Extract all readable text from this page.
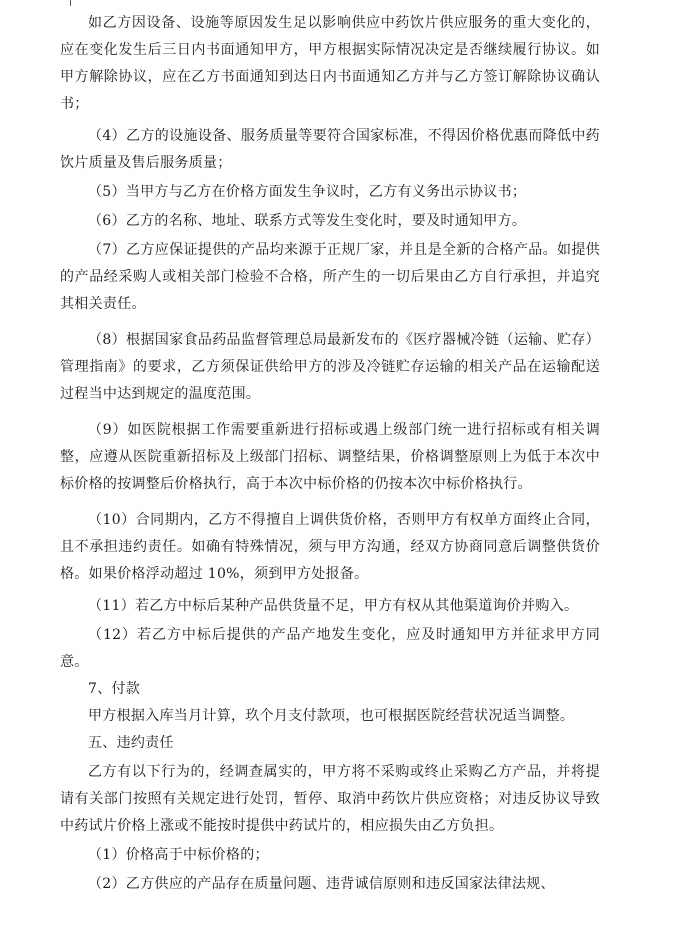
如乙方因设备、设施等原因发生足以影响供应中药饮片供应服务的重大变化的，应在变化发生后三日内书面通知甲方，甲方根据实际情况决定是否继续履行协议。如甲方解除协议，应在乙方书面通知到达日内书面通知乙方并与乙方签订解除协议确认书；

（4）乙方的设施设备、服务质量等要符合国家标准，不得因价格优惠而降低中药饮片质量及售后服务质量；

（5）当甲方与乙方在价格方面发生争议时，乙方有义务出示协议书；

（6）乙方的名称、地址、联系方式等发生变化时，要及时通知甲方。

（7）乙方应保证提供的产品均来源于正规厂家，并且是全新的合格产品。如提供的产品经采购人或相关部门检验不合格，所产生的一切后果由乙方自行承担，并追究其相关责任。

（8）根据国家食品药品监督管理总局最新发布的《医疗器械冷链（运输、贮存）管理指南》的要求，乙方须保证供给甲方的涉及冷链贮存运输的相关产品在运输配送过程当中达到规定的温度范围。

（9）如医院根据工作需要重新进行招标或遇上级部门统一进行招标或有相关调整，应遵从医院重新招标及上级部门招标、调整结果，价格调整原则上为低于本次中标价格的按调整后价格执行，高于本次中标价格的仍按本次中标价格执行。

（10）合同期内，乙方不得擅自上调供货价格，否则甲方有权单方面终止合同，且不承担违约责任。如确有特殊情况，须与甲方沟通，经双方协商同意后调整供货价格。如果价格浮动超过 10%，须到甲方处报备。

（11）若乙方中标后某种产品供货量不足，甲方有权从其他渠道询价并购入。

（12）若乙方中标后提供的产品产地发生变化，应及时通知甲方并征求甲方同意。

7、付款

甲方根据入库当月计算，玖个月支付款项，也可根据医院经营状况适当调整。

五、违约责任

乙方有以下行为的，经调查属实的，甲方将不采购或终止采购乙方产品，并将提请有关部门按照有关规定进行处罚，暂停、取消中药饮片供应资格；对违反协议导致中药试片价格上涨或不能按时提供中药试片的，相应损失由乙方负担。

（1）价格高于中标价格的；

（2）乙方供应的产品存在质量问题、违背诚信原则和违反国家法律法规、
